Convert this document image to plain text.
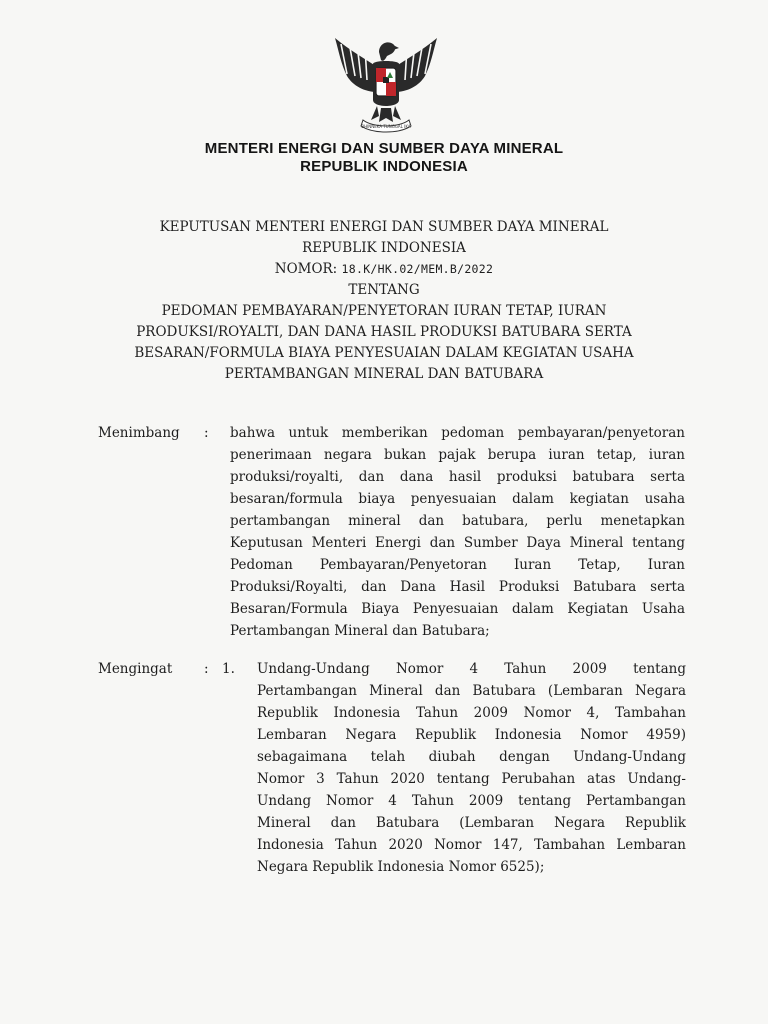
BHINNEKA TUNGGAL IKA
MENTERI ENERGI DAN SUMBER DAYA MINERAL
REPUBLIK INDONESIA
KEPUTUSAN MENTERI ENERGI DAN SUMBER DAYA MINERAL
REPUBLIK INDONESIA
NOMOR: 18.K/HK.02/MEM.B/2022
TENTANG
PEDOMAN PEMBAYARAN/PENYETORAN IURAN TETAP, IURAN
PRODUKSI/ROYALTI, DAN DANA HASIL PRODUKSI BATUBARA SERTA
BESARAN/FORMULA BIAYA PENYESUAIAN DALAM KEGIATAN USAHA
PERTAMBANGAN MINERAL DAN BATUBARA
Menimbang : bahwa untuk memberikan pedoman pembayaran/penyetoran
penerimaan negara bukan pajak berupa iuran tetap, iuran
produksi/royalti, dan dana hasil produksi batubara serta
besaran/formula biaya penyesuaian dalam kegiatan usaha
pertambangan mineral dan batubara, perlu menetapkan
Keputusan Menteri Energi dan Sumber Daya Mineral tentang
Pedoman Pembayaran/Penyetoran Iuran Tetap, Iuran
Produksi/Royalti, dan Dana Hasil Produksi Batubara serta
Besaran/Formula Biaya Penyesuaian dalam Kegiatan Usaha
Pertambangan Mineral dan Batubara;
Mengingat : 1. Undang-Undang Nomor 4 Tahun 2009 tentang
Pertambangan Mineral dan Batubara (Lembaran Negara
Republik Indonesia Tahun 2009 Nomor 4, Tambahan
Lembaran Negara Republik Indonesia Nomor 4959)
sebagaimana telah diubah dengan Undang-Undang
Nomor 3 Tahun 2020 tentang Perubahan atas Undang-
Undang Nomor 4 Tahun 2009 tentang Pertambangan
Mineral dan Batubara (Lembaran Negara Republik
Indonesia Tahun 2020 Nomor 147, Tambahan Lembaran
Negara Republik Indonesia Nomor 6525);
